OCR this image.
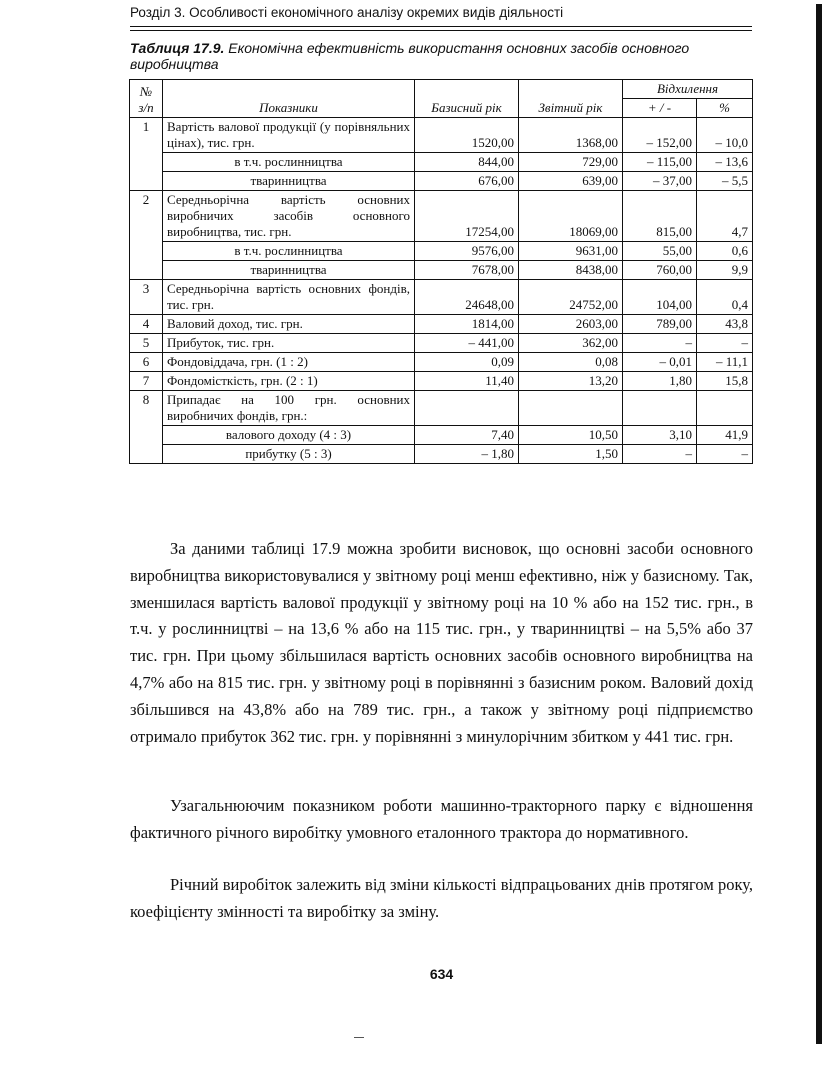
Розділ 3. Особливості економічного аналізу окремих видів діяльності
Таблиця 17.9. Економічна ефективність використання основних засобів основного виробництва
№ з/п	Показники	Базисний рік	Звітний рік	Відхилення	
				+ / -	%
1	Вартість валової продукції (у порівняльних цінах), тис. грн.	1520,00	1368,00	– 152,00	– 10,0
	в т.ч. рослинництва	844,00	729,00	– 115,00	– 13,6
	тваринництва	676,00	639,00	– 37,00	– 5,5
2	Середньорічна вартість основних виробничих засобів основного виробництва, тис. грн.	17254,00	18069,00	815,00	4,7
	в т.ч. рослинництва	9576,00	9631,00	55,00	0,6
	тваринництва	7678,00	8438,00	760,00	9,9
3	Середньорічна вартість основних фондів, тис. грн.	24648,00	24752,00	104,00	0,4
4	Валовий доход, тис. грн.	1814,00	2603,00	789,00	43,8
5	Прибуток, тис. грн.	– 441,00	362,00	–	–
6	Фондовіддача, грн. (1 : 2)	0,09	0,08	– 0,01	– 11,1
7	Фондомісткість, грн. (2 : 1)	11,40	13,20	1,80	15,8
8	Припадає на 100 грн. основних виробничих фондів, грн.:				
	валового доходу (4 : 3)	7,40	10,50	3,10	41,9
	прибутку (5 : 3)	– 1,80	1,50	–	–

За даними таблиці 17.9 можна зробити висновок, що основні засоби основного виробництва використовувалися у звітному році менш ефективно, ніж у базисному. Так, зменшилася вартість валової продукції у звітному році на 10 % або на 152 тис. грн., в т.ч. у рослинництві – на 13,6 % або на 115 тис. грн., у тваринництві – на 5,5% або 37 тис. грн. При цьому збільшилася вартість основних засобів основного виробництва на 4,7% або на 815 тис. грн. у звітному році в порівнянні з базисним роком. Валовий дохід збільшився на 43,8% або на 789 тис. грн., а також у звітному році підприємство отримало прибуток 362 тис. грн. у порівнянні з минулорічним збитком у 441 тис. грн.

Узагальнюючим показником роботи машинно-тракторного парку є відношення фактичного річного виробітку умовного еталонного трактора до нормативного.

Річний виробіток залежить від зміни кількості відпрацьованих днів протягом року, коефіцієнту змінності та виробітку за зміну.

634
